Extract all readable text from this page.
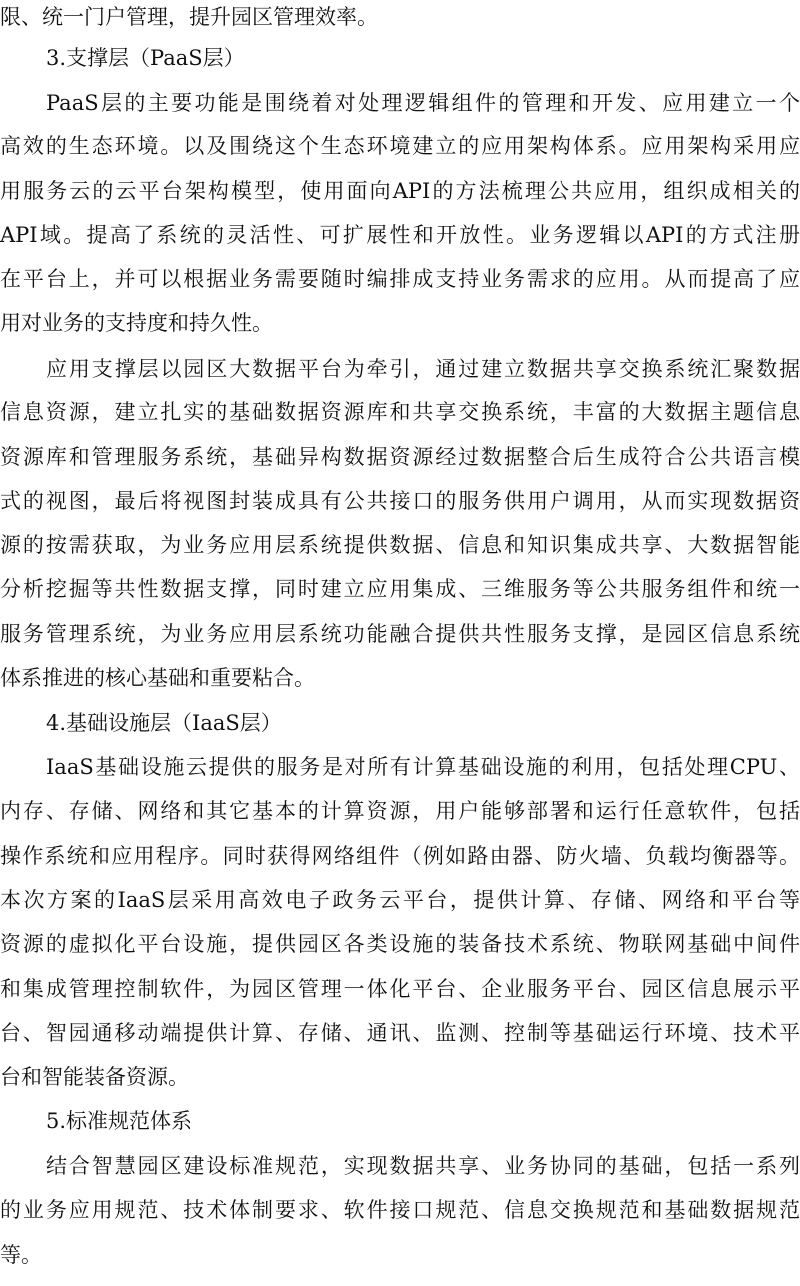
限、统一门户管理，提升园区管理效率。
3.支撑层（PaaS层）
PaaS层的主要功能是围绕着对处理逻辑组件的管理和开发、应用建立一个
高效的生态环境。以及围绕这个生态环境建立的应用架构体系。应用架构采用应
用服务云的云平台架构模型，使用面向API的方法梳理公共应用，组织成相关的
API域。提高了系统的灵活性、可扩展性和开放性。业务逻辑以API的方式注册
在平台上，并可以根据业务需要随时编排成支持业务需求的应用。从而提高了应
用对业务的支持度和持久性。
应用支撑层以园区大数据平台为牵引，通过建立数据共享交换系统汇聚数据
信息资源，建立扎实的基础数据资源库和共享交换系统，丰富的大数据主题信息
资源库和管理服务系统，基础异构数据资源经过数据整合后生成符合公共语言模
式的视图，最后将视图封装成具有公共接口的服务供用户调用，从而实现数据资
源的按需获取，为业务应用层系统提供数据、信息和知识集成共享、大数据智能
分析挖掘等共性数据支撑，同时建立应用集成、三维服务等公共服务组件和统一
服务管理系统，为业务应用层系统功能融合提供共性服务支撑，是园区信息系统
体系推进的核心基础和重要粘合。
4.基础设施层（IaaS层）
IaaS基础设施云提供的服务是对所有计算基础设施的利用，包括处理CPU、
内存、存储、网络和其它基本的计算资源，用户能够部署和运行任意软件，包括
操作系统和应用程序。同时获得网络组件（例如路由器、防火墙、负载均衡器等。
本次方案的IaaS层采用高效电子政务云平台，提供计算、存储、网络和平台等
资源的虚拟化平台设施，提供园区各类设施的装备技术系统、物联网基础中间件
和集成管理控制软件，为园区管理一体化平台、企业服务平台、园区信息展示平
台、智园通移动端提供计算、存储、通讯、监测、控制等基础运行环境、技术平
台和智能装备资源。
5.标准规范体系
结合智慧园区建设标准规范，实现数据共享、业务协同的基础，包括一系列
的业务应用规范、技术体制要求、软件接口规范、信息交换规范和基础数据规范
等。
